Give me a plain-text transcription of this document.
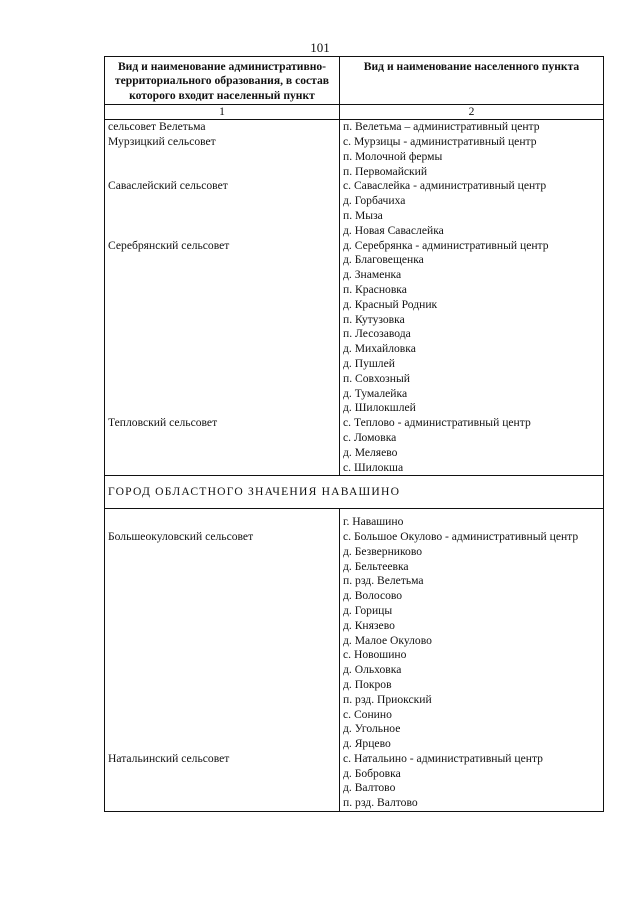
101
Вид и наименование административно-территориального образования, в состав которого входит населенный пункт	Вид и наименование населенного пункта
1	2
сельсовет Велетьма	п. Велетьма – административный центр
Мурзицкий сельсовет	с. Мурзицы - административный центр
	п. Молочной фермы
	п. Первомайский
Саваслейский сельсовет	с. Саваслейка - административный центр
	д. Горбачиха
	п. Мыза
	д. Новая Саваслейка
Серебрянский сельсовет	д. Серебрянка - административный центр
	д. Благовещенка
	д. Знаменка
	п. Красновка
	д. Красный Родник
	п. Кутузовка
	п. Лесозавода
	д. Михайловка
	д. Пушлей
	п. Совхозный
	д. Тумалейка
	д. Шилокшлей
Тепловский сельсовет	с. Теплово - административный центр
	с. Ломовка
	д. Меляево
	с. Шилокша
ГОРОД ОБЛАСТНОГО ЗНАЧЕНИЯ НАВАШИНО	

	г. Навашино
Большеокуловский сельсовет	с. Большое Окулово - административный центр
	д. Безверниково
	д. Бельтеевка
	п. рзд. Велетьма
	д. Волосово
	д. Горицы
	д. Князево
	д. Малое Окулово
	с. Новошино
	д. Ольховка
	д. Покров
	п. рзд. Приокский
	с. Сонино
	д. Угольное
	д. Ярцево
Натальинский сельсовет	с. Натальино - административный центр
	д. Бобровка
	д. Валтово
	п. рзд. Валтово
